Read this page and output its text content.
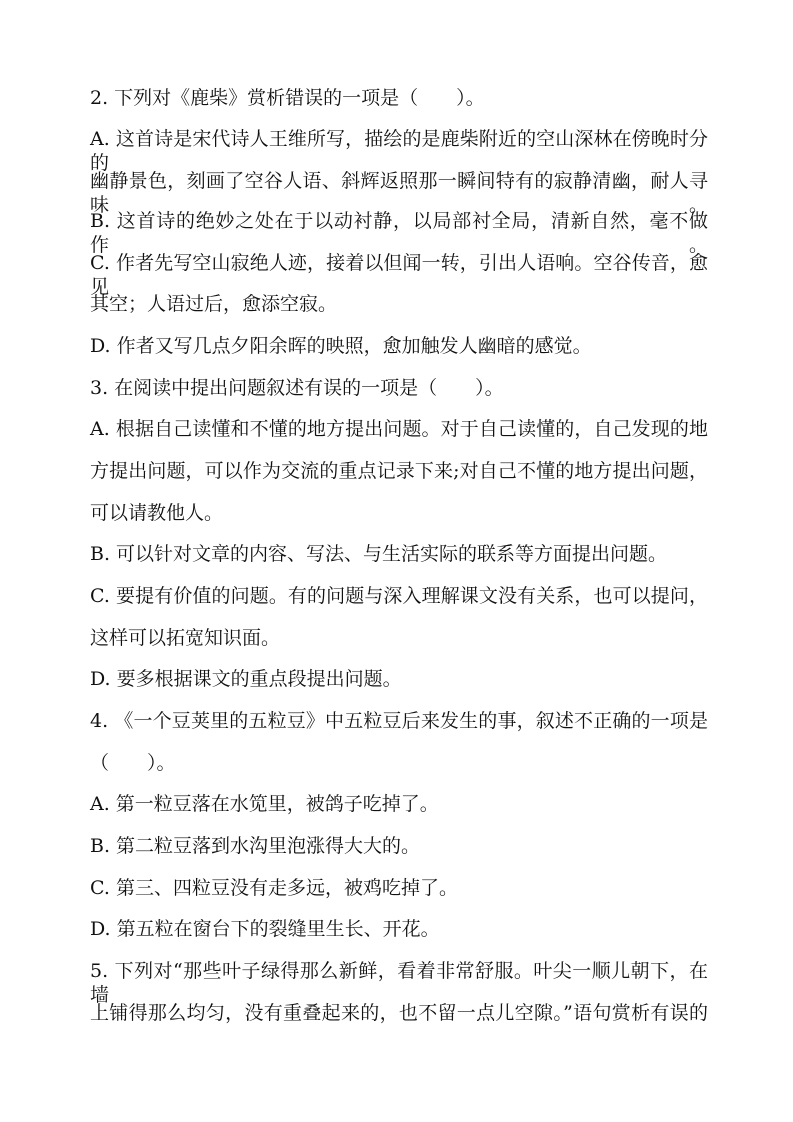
2. 下列对《鹿柴》赏析错误的一项是（　　）。
A. 这首诗是宋代诗人王维所写，描绘的是鹿柴附近的空山深林在傍晚时分的
幽静景色，刻画了空谷人语、斜辉返照那一瞬间特有的寂静清幽，耐人寻味。
B. 这首诗的绝妙之处在于以动衬静，以局部衬全局，清新自然，毫不做作。
C. 作者先写空山寂绝人迹，接着以但闻一转，引出人语响。空谷传音，愈见
其空；人语过后，愈添空寂。
D. 作者又写几点夕阳余晖的映照，愈加触发人幽暗的感觉。
3. 在阅读中提出问题叙述有误的一项是（　　）。
A. 根据自己读懂和不懂的地方提出问题。对于自己读懂的，自己发现的地
方提出问题，可以作为交流的重点记录下来;对自己不懂的地方提出问题，
可以请教他人。
B. 可以针对文章的内容、写法、与生活实际的联系等方面提出问题。
C. 要提有价值的问题。有的问题与深入理解课文没有关系，也可以提问，
这样可以拓宽知识面。
D. 要多根据课文的重点段提出问题。
4. 《一个豆荚里的五粒豆》中五粒豆后来发生的事，叙述不正确的一项是
（　　）。
A. 第一粒豆落在水笕里，被鸽子吃掉了。
B. 第二粒豆落到水沟里泡涨得大大的。
C. 第三、四粒豆没有走多远，被鸡吃掉了。
D. 第五粒在窗台下的裂缝里生长、开花。
5. 下列对“那些叶子绿得那么新鲜，看着非常舒服。叶尖一顺儿朝下，在墙
上铺得那么均匀，没有重叠起来的，也不留一点儿空隙。”语句赏析有误的
